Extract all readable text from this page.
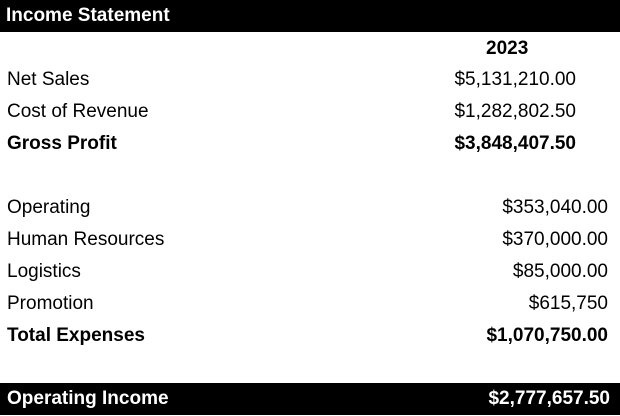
Income Statement
2023
Net Sales	$5,131,210.00
Cost of Revenue	$1,282,802.50
Gross Profit	$3,848,407.50
Operating	$353,040.00
Human Resources	$370,000.00
Logistics	$85,000.00
Promotion	$615,750
Total Expenses	$1,070,750.00
Operating Income	$2,777,657.50
